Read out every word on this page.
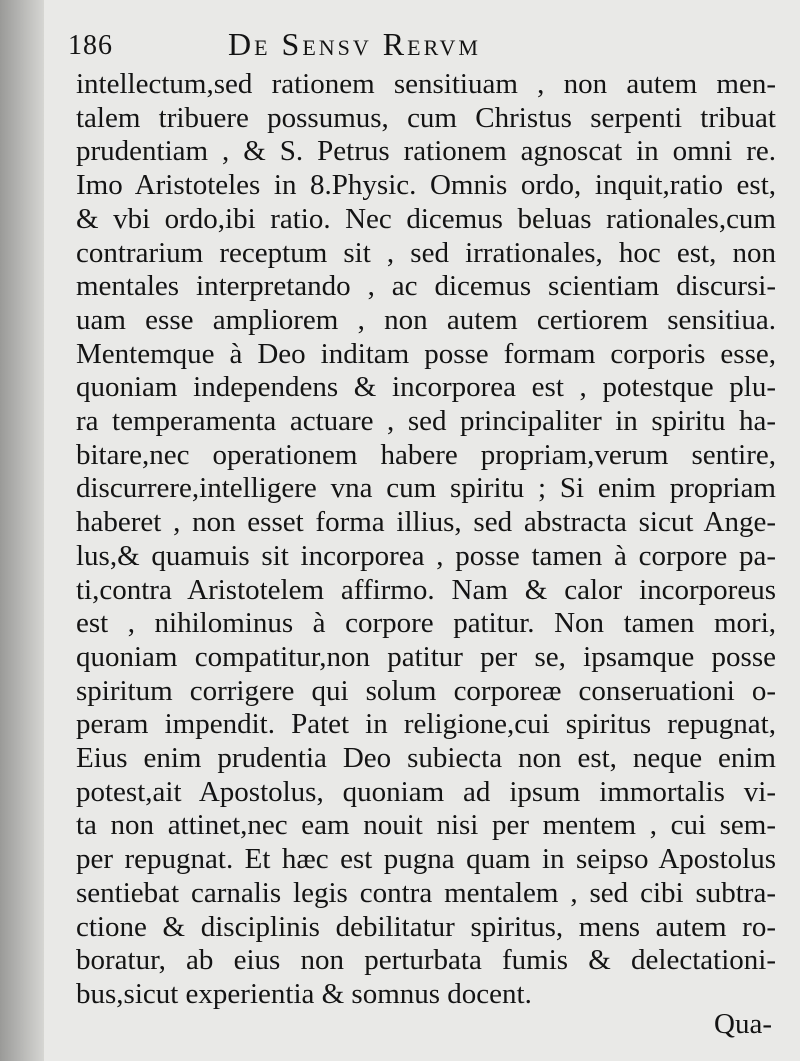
186	De Sensv Rervm
intellectum,sed rationem sensitiuam , non autem men-
talem tribuere possumus, cum Christus serpenti tribuat
prudentiam , & S. Petrus rationem agnoscat in omni re.
Imo Aristoteles in 8.Physic. Omnis ordo, inquit,ratio est,
& vbi ordo,ibi ratio. Nec dicemus beluas rationales,cum
contrarium receptum sit , sed irrationales, hoc est, non
mentales interpretando , ac dicemus scientiam discursi-
uam esse ampliorem , non autem certiorem sensitiua.
Mentemque à Deo inditam posse formam corporis esse,
quoniam independens & incorporea est , potestque plu-
ra temperamenta actuare , sed principaliter in spiritu ha-
bitare,nec operationem habere propriam,verum sentire,
discurrere,intelligere vna cum spiritu ; Si enim propriam
haberet , non esset forma illius, sed abstracta sicut Ange-
lus,& quamuis sit incorporea , posse tamen à corpore pa-
ti,contra Aristotelem affirmo. Nam & calor incorporeus
est , nihilominus à corpore patitur. Non tamen mori,
quoniam compatitur,non patitur per se, ipsamque posse
spiritum corrigere qui solum corporeæ conseruationi o-
peram impendit. Patet in religione,cui spiritus repugnat,
Eius enim prudentia Deo subiecta non est, neque enim
potest,ait Apostolus, quoniam ad ipsum immortalis vi-
ta non attinet,nec eam nouit nisi per mentem , cui sem-
per repugnat. Et hæc est pugna quam in seipso Apostolus
sentiebat carnalis legis contra mentalem , sed cibi subtra-
ctione & disciplinis debilitatur spiritus, mens autem ro-
boratur, ab eius non perturbata fumis & delectationi-
bus,sicut experientia & somnus docent.
Qua-
